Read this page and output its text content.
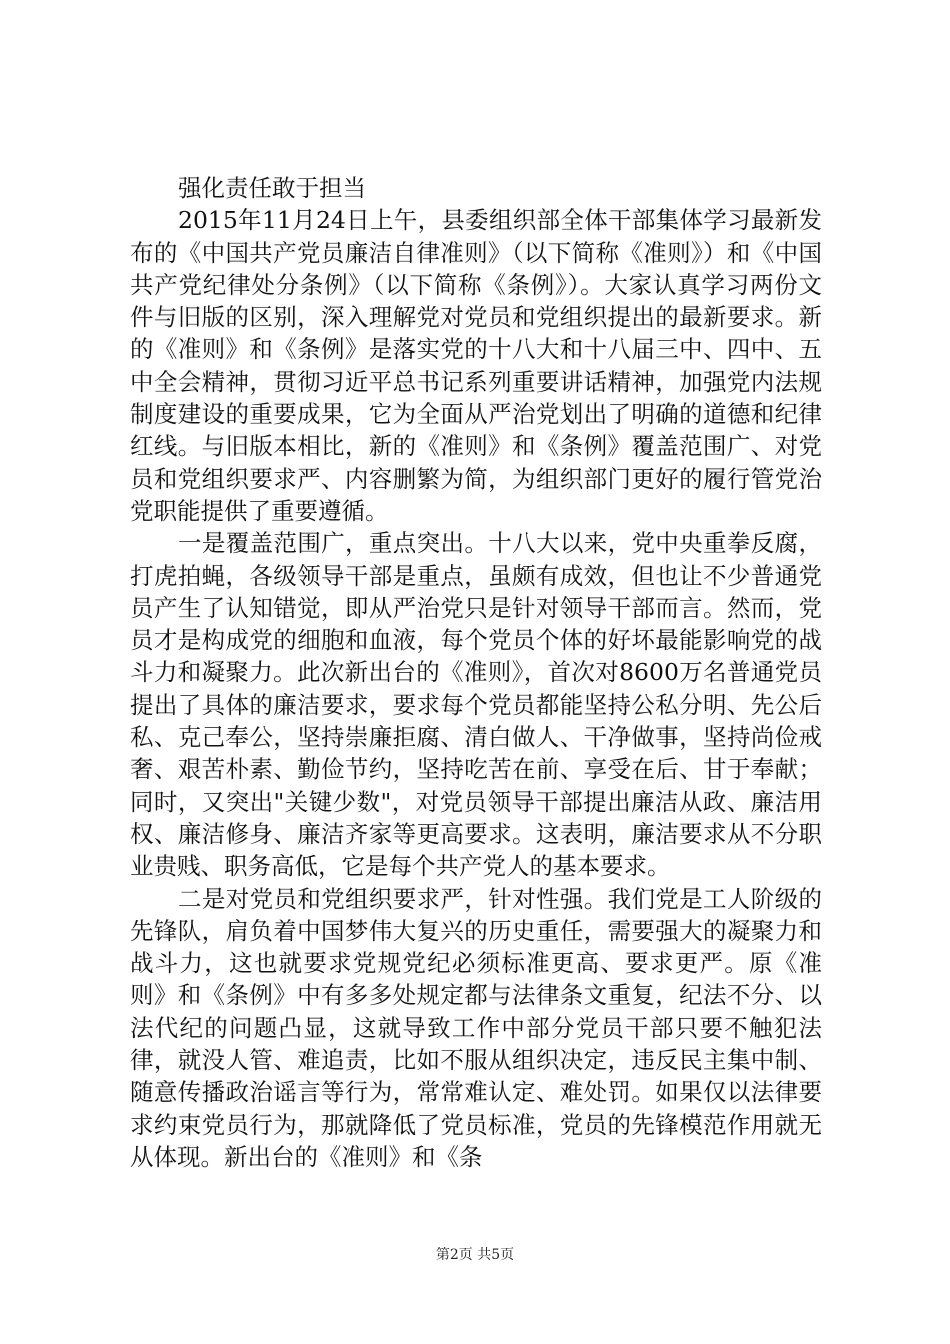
强化责任敢于担当

2015年11月24日上午，县委组织部全体干部集体学习最新发布的《中国共产党员廉洁自律准则》（以下简称《准则》）和《中国共产党纪律处分条例》（以下简称《条例》）。大家认真学习两份文件与旧版的区别，深入理解党对党员和党组织提出的最新要求。新的《准则》和《条例》是落实党的十八大和十八届三中、四中、五中全会精神，贯彻习近平总书记系列重要讲话精神，加强党内法规制度建设的重要成果，它为全面从严治党划出了明确的道德和纪律红线。与旧版本相比，新的《准则》和《条例》覆盖范围广、对党员和党组织要求严、内容删繁为简，为组织部门更好的履行管党治党职能提供了重要遵循。

一是覆盖范围广，重点突出。十八大以来，党中央重拳反腐，打虎拍蝇，各级领导干部是重点，虽颇有成效，但也让不少普通党员产生了认知错觉，即从严治党只是针对领导干部而言。然而，党员才是构成党的细胞和血液，每个党员个体的好坏最能影响党的战斗力和凝聚力。此次新出台的《准则》，首次对8600万名普通党员提出了具体的廉洁要求，要求每个党员都能坚持公私分明、先公后私、克己奉公，坚持崇廉拒腐、清白做人、干净做事，坚持尚俭戒奢、艰苦朴素、勤俭节约，坚持吃苦在前、享受在后、甘于奉献；同时，又突出"关键少数"，对党员领导干部提出廉洁从政、廉洁用权、廉洁修身、廉洁齐家等更高要求。这表明，廉洁要求从不分职业贵贱、职务高低，它是每个共产党人的基本要求。

二是对党员和党组织要求严，针对性强。我们党是工人阶级的先锋队，肩负着中国梦伟大复兴的历史重任，需要强大的凝聚力和战斗力，这也就要求党规党纪必须标准更高、要求更严。原《准则》和《条例》中有多多处规定都与法律条文重复，纪法不分、以法代纪的问题凸显，这就导致工作中部分党员干部只要不触犯法律，就没人管、难追责，比如不服从组织决定，违反民主集中制、随意传播政治谣言等行为，常常难认定、难处罚。如果仅以法律要求约束党员行为，那就降低了党员标准，党员的先锋模范作用就无从体现。新出台的《准则》和《条

第2页 共5页
